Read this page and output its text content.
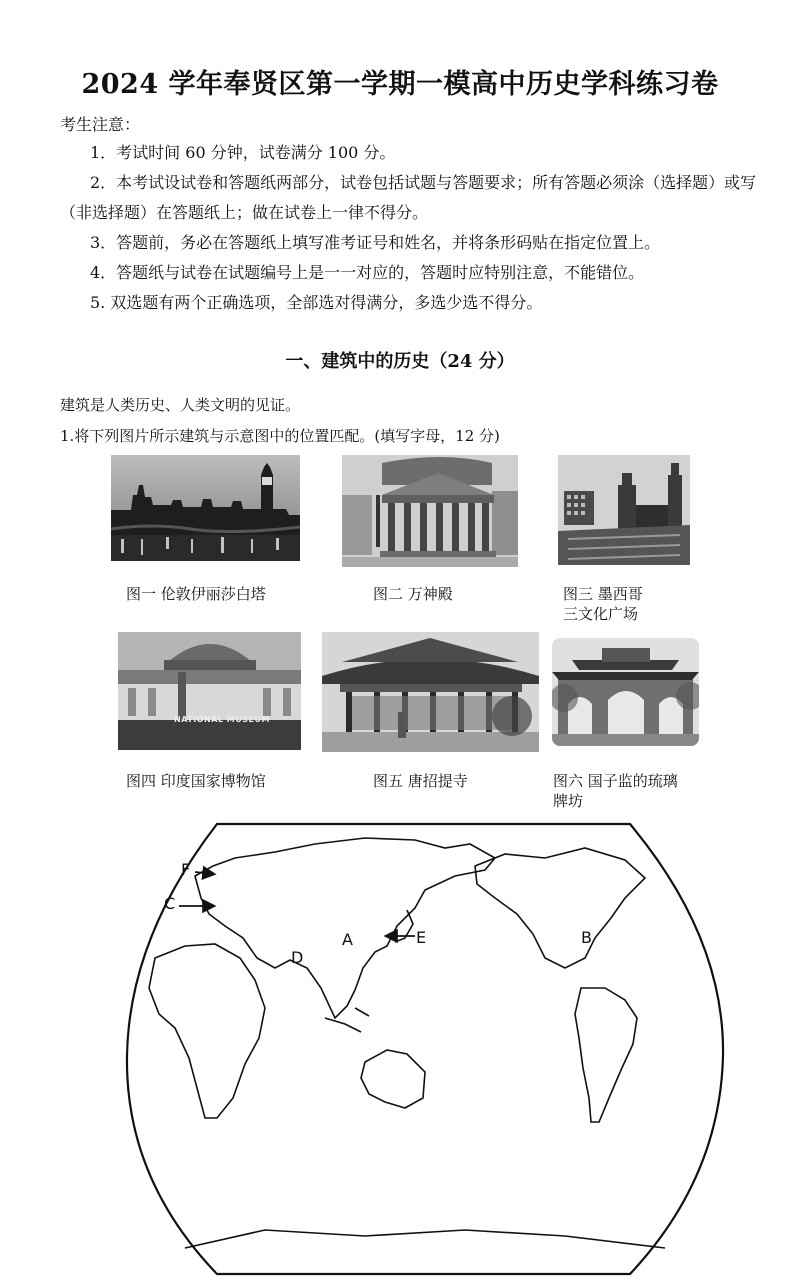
2024 学年奉贤区第一学期一模高中历史学科练习卷
考生注意：

1．考试时间 60 分钟，试卷满分 100 分。

2．本考试设试卷和答题纸两部分，试卷包括试题与答题要求；所有答题必须涂（选择题）或写（非选择题）在答题纸上；做在试卷上一律不得分。

3．答题前，务必在答题纸上填写准考证号和姓名，并将条形码贴在指定位置上。

4．答题纸与试卷在试题编号上是一一对应的，答题时应特别注意，不能错位。

5. 双选题有两个正确选项，全部选对得满分，多选少选不得分。

一、建筑中的历史（24 分）
建筑是人类历史、人类文明的见证。
1.将下列图片所示建筑与示意图中的位置匹配。(填写字母，12 分)
NATIONAL MUSEUM
图一 伦敦伊丽莎白塔	图二 万神殿	图三 墨西哥
三文化广场
图四 印度国家博物馆	图五 唐招提寺	图六 国子监的琉璃
牌坊
F
C
A	E
D
B
